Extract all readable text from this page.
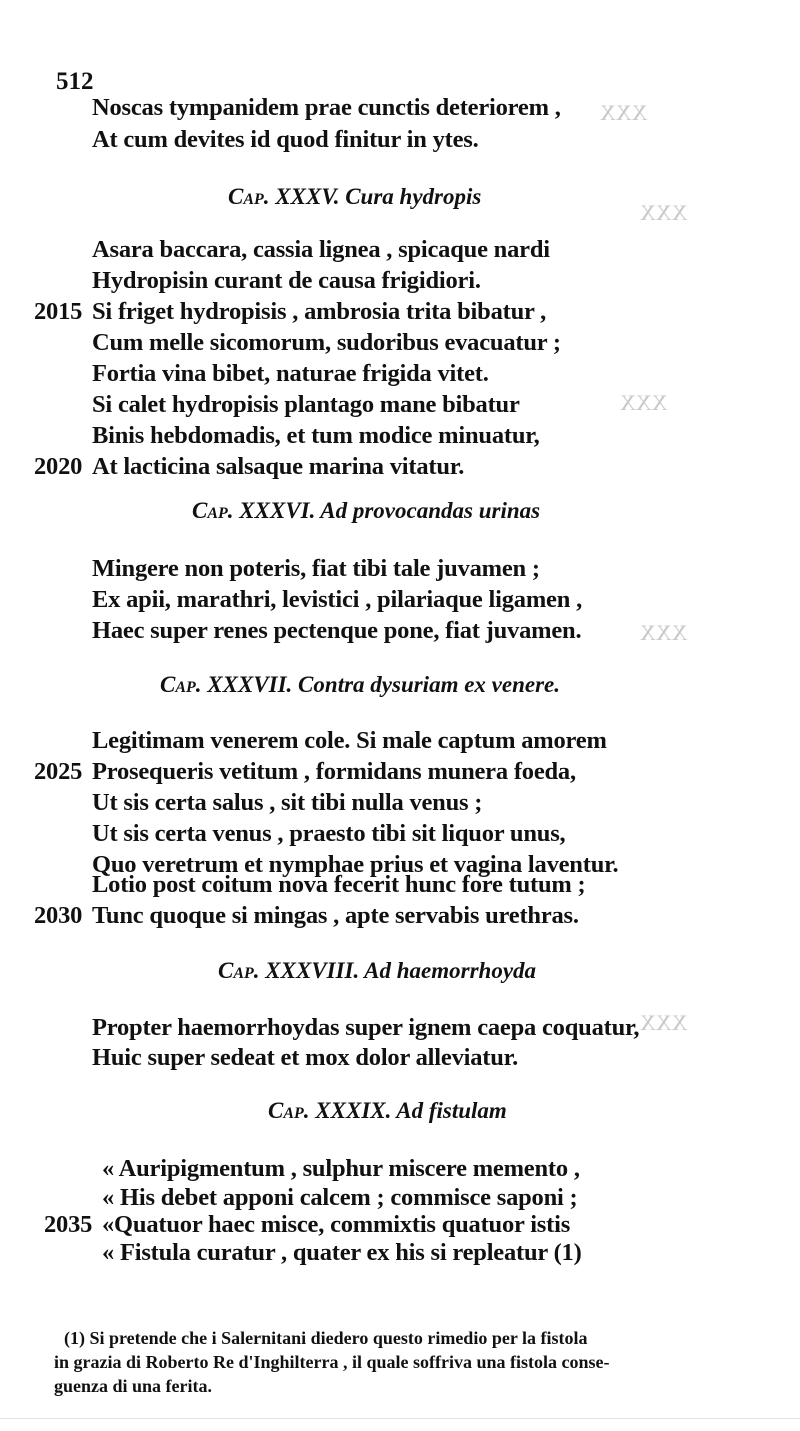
XXX
XXX
XXX
XXX
XXX
512
Noscas tympanidem prae cunctis deteriorem ,
At cum devites id quod finitur in ytes.
Cap. XXXV. Cura hydropis
Asara baccara, cassia lignea , spicaque nardi
Hydropisin curant de causa frigidiori.
2015 Si friget hydropisis , ambrosia trita bibatur ,
Cum melle sicomorum, sudoribus evacuatur ;
Fortia vina bibet, naturae frigida vitet.
Si calet hydropisis plantago mane bibatur
Binis hebdomadis, et tum modice minuatur,
2020 At lacticina salsaque marina vitatur.
Cap. XXXVI. Ad provocandas urinas
Mingere non poteris, fiat tibi tale juvamen ;
Ex apii, marathri, levistici , pilariaque ligamen ,
Haec super renes pectenque pone, fiat juvamen.
Cap. XXXVII. Contra dysuriam ex venere.
Legitimam venerem cole. Si male captum amorem
2025 Prosequeris vetitum , formidans munera foeda,
Ut sis certa salus , sit tibi nulla venus ;
Ut sis certa venus , praesto tibi sit liquor unus,
Quo veretrum et nymphae prius et vagina laventur.
Lotio post coitum nova fecerit hunc fore tutum ;
2030 Tunc quoque si mingas , apte servabis urethras.
Cap. XXXVIII. Ad haemorrhoyda
Propter haemorrhoydas super ignem caepa coquatur,
Huic super sedeat et mox dolor alleviatur.
Cap. XXXIX. Ad fistulam
« Auripigmentum , sulphur miscere memento ,
« His debet apponi calcem ; commisce saponi ;
2035 «Quatuor haec misce, commixtis quatuor istis
« Fistula curatur , quater ex his si repleatur (1)
(1) Si pretende che i Salernitani diedero questo rimedio per la fistola
in grazia di Roberto Re d'Inghilterra , il quale soffriva una fistola conse-
guenza di una ferita.
